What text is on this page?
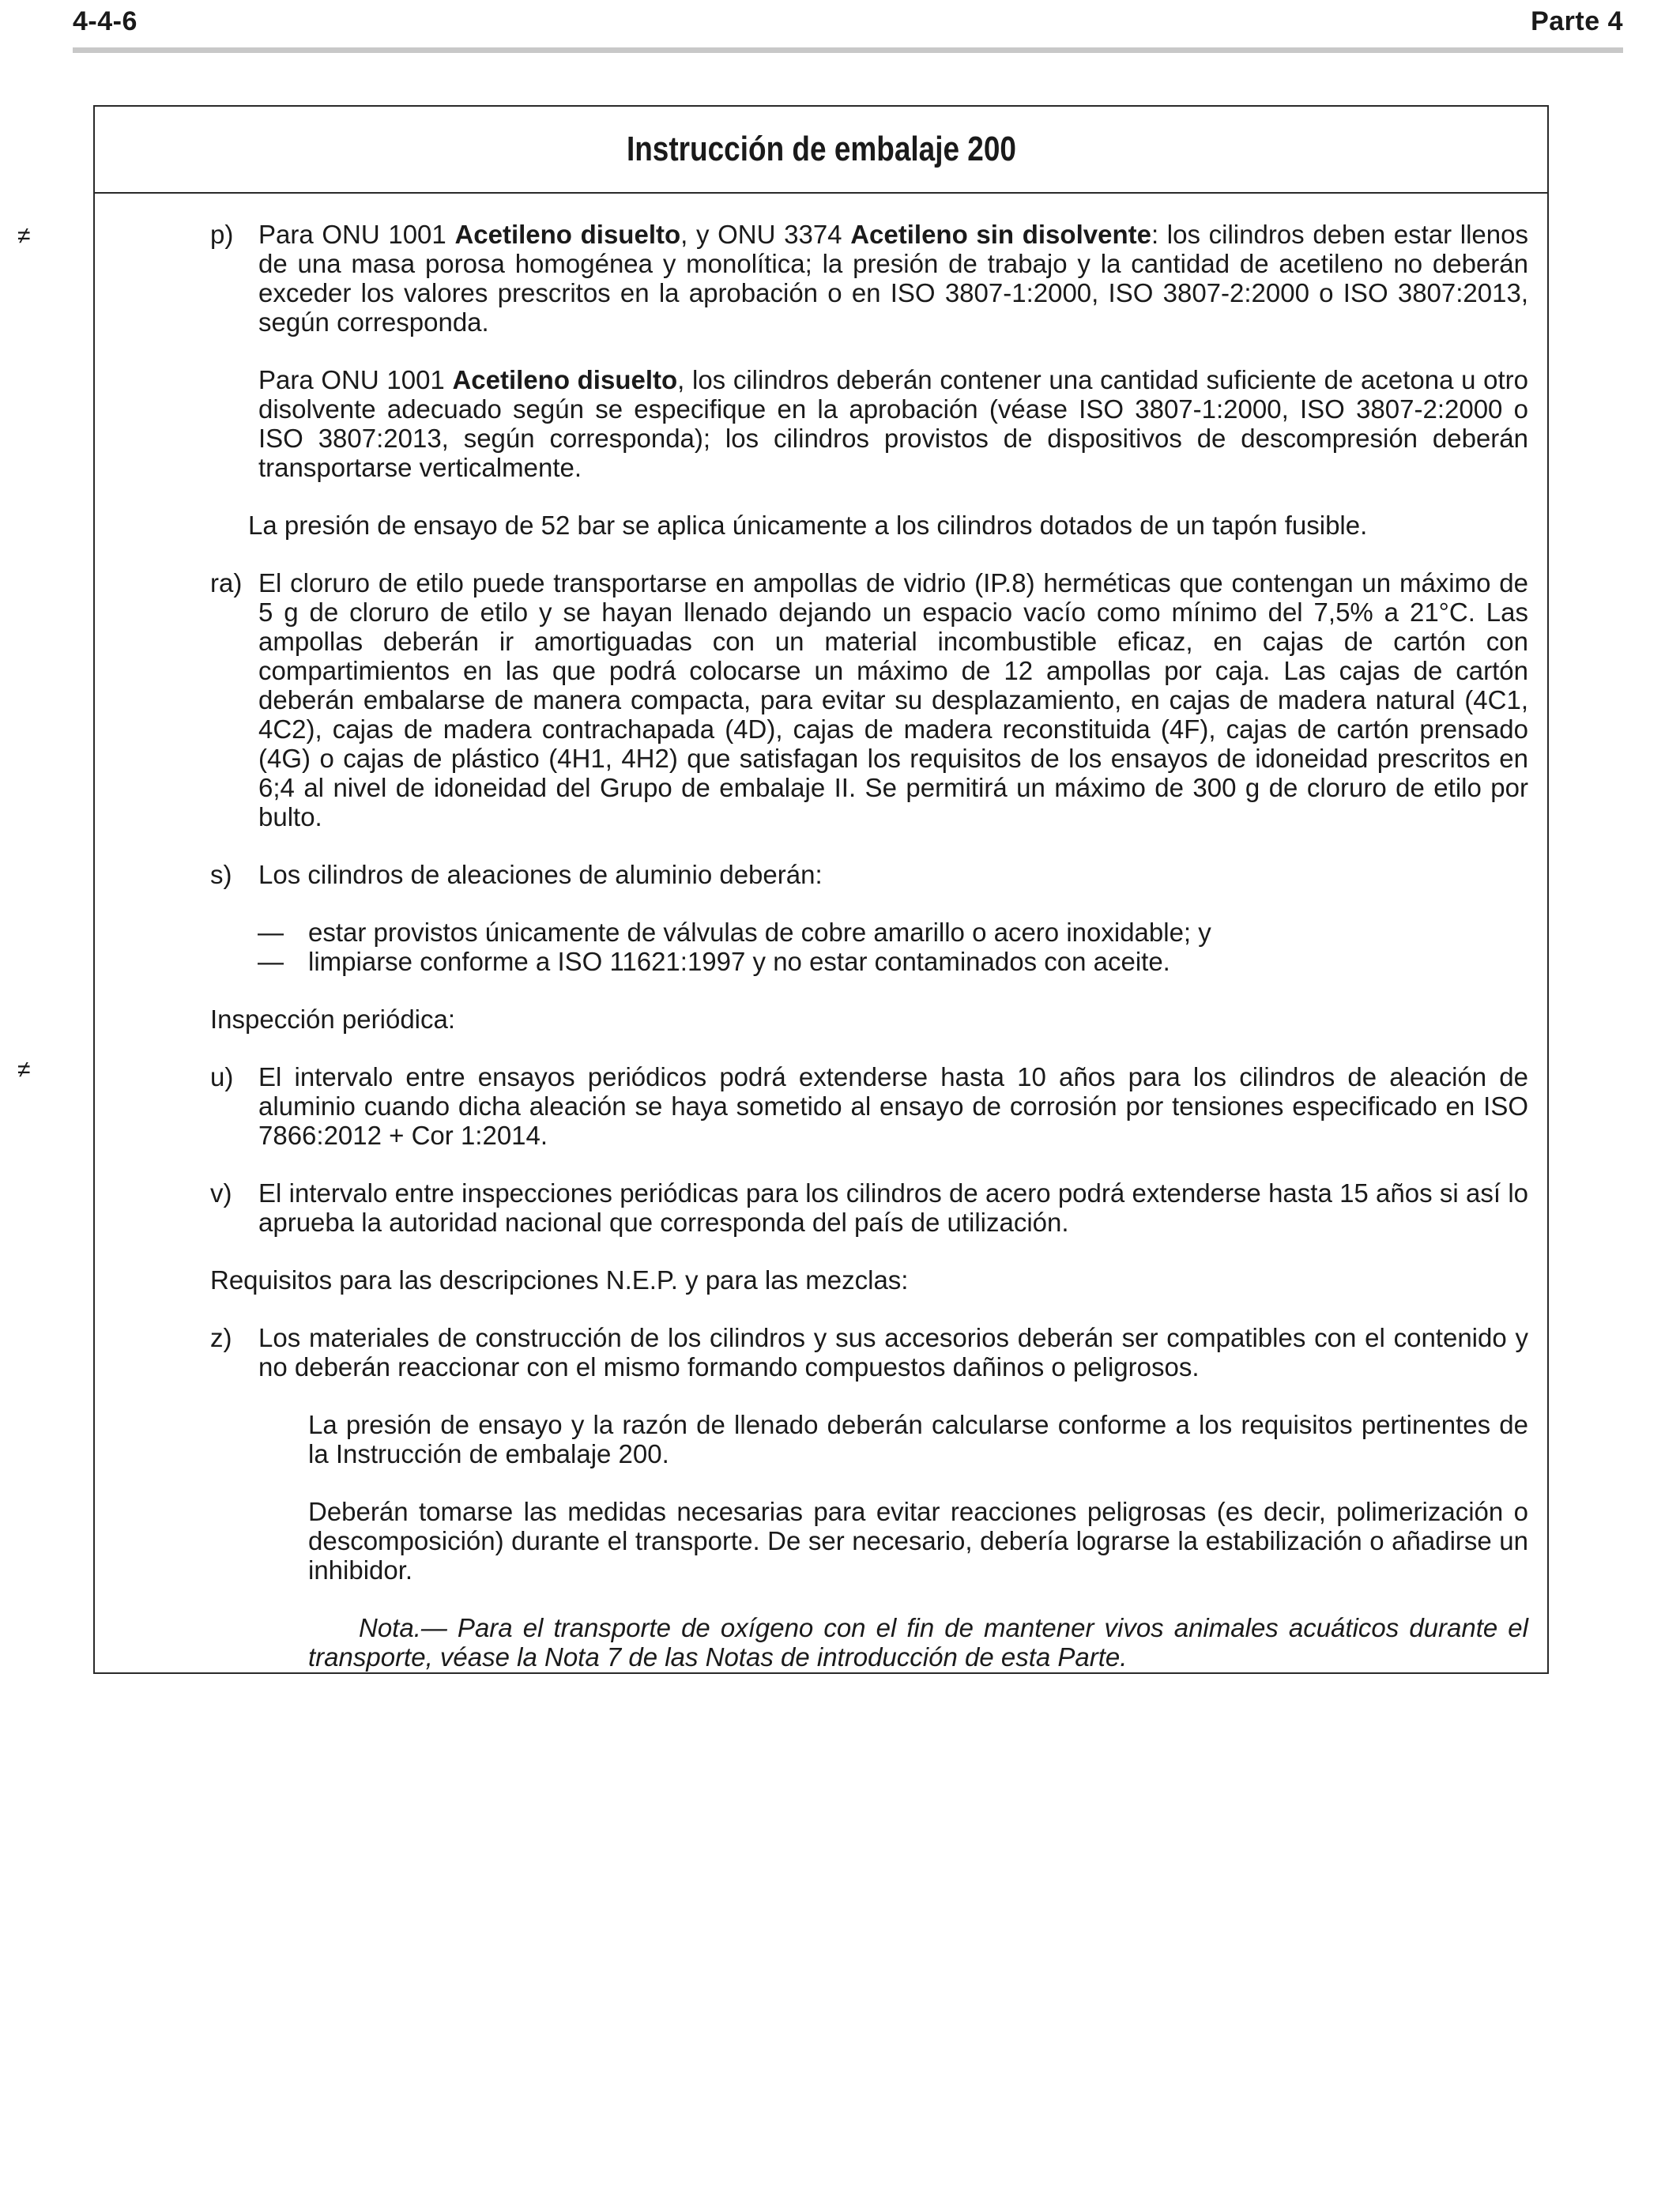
4-4-6	Parte 4
Instrucción de embalaje 200
≠
≠
p) Para ONU 1001 Acetileno disuelto, y ONU 3374 Acetileno sin disolvente: los cilindros deben estar llenos de una masa porosa homogénea y monolítica; la presión de trabajo y la cantidad de acetileno no deberán exceder los valores prescritos en la aprobación o en ISO 3807-1:2000, ISO 3807-2:2000 o ISO 3807:2013, según corresponda.
Para ONU 1001 Acetileno disuelto, los cilindros deberán contener una cantidad suficiente de acetona u otro disolvente adecuado según se especifique en la aprobación (véase ISO 3807-1:2000, ISO 3807-2:2000 o ISO 3807:2013, según corresponda); los cilindros provistos de dispositivos de descompresión deberán transportarse verticalmente.
La presión de ensayo de 52 bar se aplica únicamente a los cilindros dotados de un tapón fusible.
ra) El cloruro de etilo puede transportarse en ampollas de vidrio (IP.8) herméticas que contengan un máximo de 5 g de cloruro de etilo y se hayan llenado dejando un espacio vacío como mínimo del 7,5% a 21°C. Las ampollas deberán ir amortiguadas con un material incombustible eficaz, en cajas de cartón con compartimientos en las que podrá colocarse un máximo de 12 ampollas por caja. Las cajas de cartón deberán embalarse de manera compacta, para evitar su desplazamiento, en cajas de madera natural (4C1, 4C2), cajas de madera contrachapada (4D), cajas de madera reconstituida (4F), cajas de cartón prensado (4G) o cajas de plástico (4H1, 4H2) que satisfagan los requisitos de los ensayos de idoneidad prescritos en 6;4 al nivel de idoneidad del Grupo de embalaje II. Se permitirá un máximo de 300 g de cloruro de etilo por bulto.
s) Los cilindros de aleaciones de aluminio deberán:
— estar provistos únicamente de válvulas de cobre amarillo o acero inoxidable; y
— limpiarse conforme a ISO 11621:1997 y no estar contaminados con aceite.
Inspección periódica:
u) El intervalo entre ensayos periódicos podrá extenderse hasta 10 años para los cilindros de aleación de aluminio cuando dicha aleación se haya sometido al ensayo de corrosión por tensiones especificado en ISO 7866:2012 + Cor 1:2014.
v) El intervalo entre inspecciones periódicas para los cilindros de acero podrá extenderse hasta 15 años si así lo aprueba la autoridad nacional que corresponda del país de utilización.
Requisitos para las descripciones N.E.P. y para las mezclas:
z) Los materiales de construcción de los cilindros y sus accesorios deberán ser compatibles con el contenido y no deberán reaccionar con el mismo formando compuestos dañinos o peligrosos.
La presión de ensayo y la razón de llenado deberán calcularse conforme a los requisitos pertinentes de la Instrucción de embalaje 200.
Deberán tomarse las medidas necesarias para evitar reacciones peligrosas (es decir, polimerización o descomposición) durante el transporte. De ser necesario, debería lograrse la estabilización o añadirse un inhibidor.
Nota.— Para el transporte de oxígeno con el fin de mantener vivos animales acuáticos durante el transporte, véase la Nota 7 de las Notas de introducción de esta Parte.
